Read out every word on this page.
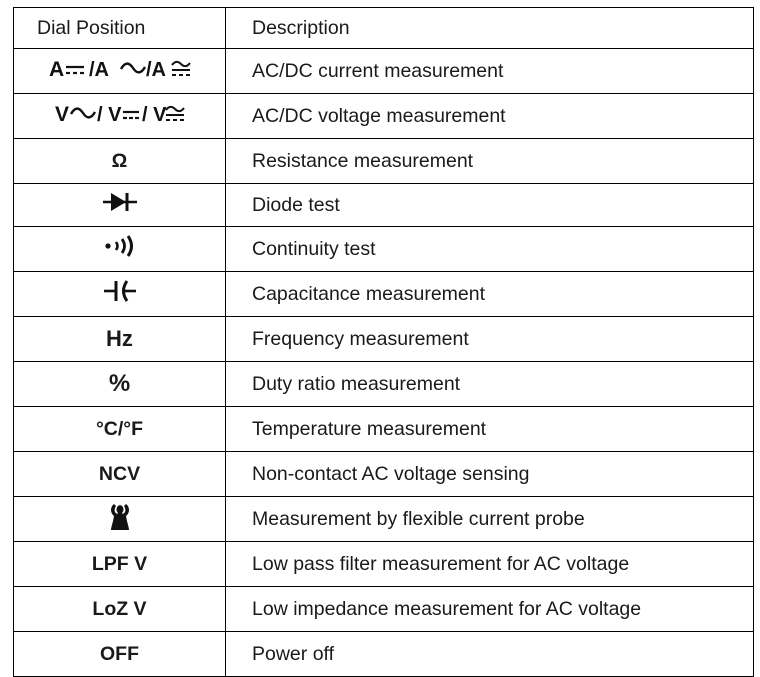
Dial Position	Description

A /A /A	AC/DC current measurement

V / V / V	AC/DC voltage measurement
Ω	Resistance measurement

	Diode test

	Continuity test

	Capacitance measurement
Hz	Frequency measurement
%	Duty ratio measurement
°C/°F	Temperature measurement
NCV	Non-contact AC voltage sensing

	Measurement by flexible current probe
LPF V	Low pass filter measurement for AC voltage
LoZ V	Low impedance measurement for AC voltage
OFF	Power off
